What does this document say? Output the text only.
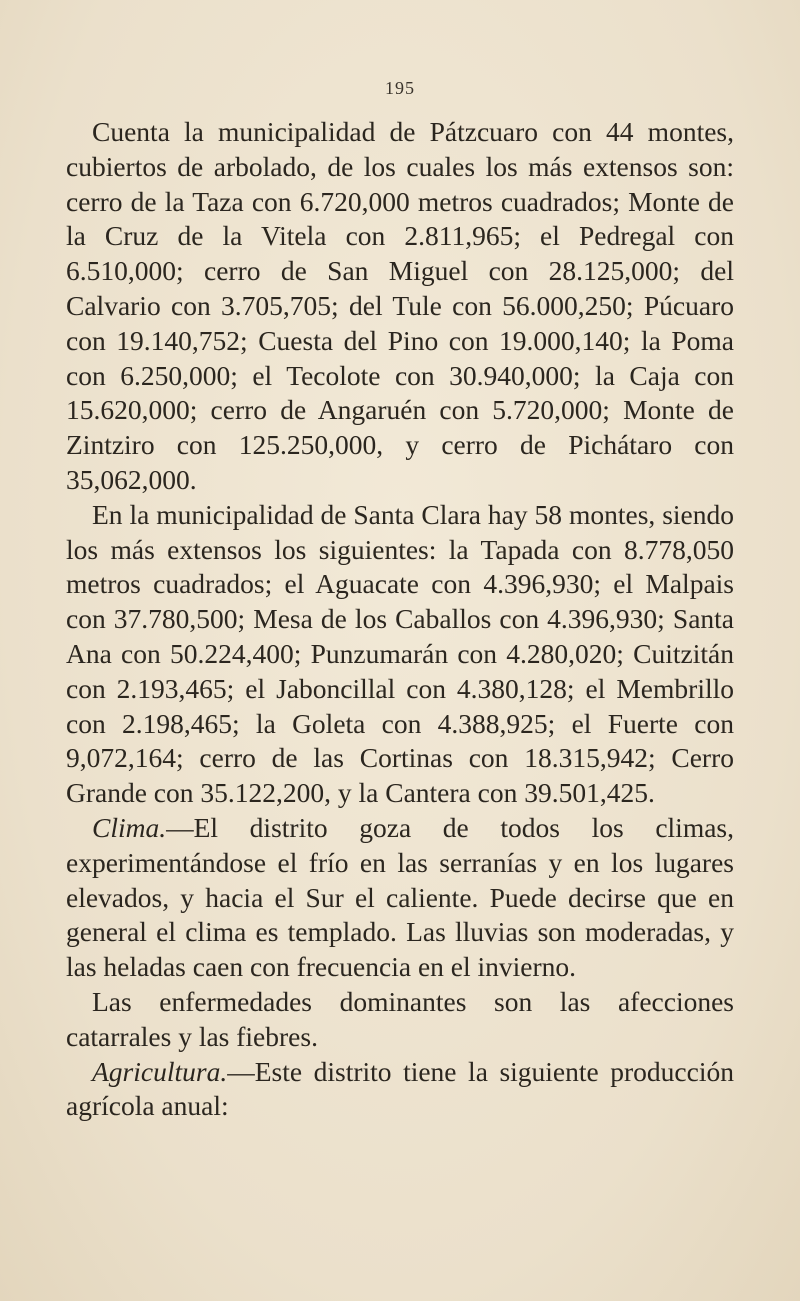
195

Cuenta la municipalidad de Pátzcuaro con 44 montes, cubiertos de arbolado, de los cuales los más extensos son: cerro de la Taza con 6.720,000 metros cuadrados; Monte de la Cruz de la Vitela con 2.811,965; el Pedregal con 6.510,000; cerro de San Miguel con 28.125,000; del Calvario con 3.705,705; del Tule con 56.000,250; Púcuaro con 19.140,752; Cuesta del Pino con 19.000,140; la Poma con 6.250,000; el Tecolote con 30.940,000; la Caja con 15.620,000; cerro de Angaruén con 5.720,000; Monte de Zintziro con 125.250,000, y cerro de Pichátaro con 35,062,000.

En la municipalidad de Santa Clara hay 58 montes, siendo los más extensos los siguientes: la Tapada con 8.778,050 metros cuadrados; el Aguacate con 4.396,930; el Malpais con 37.780,500; Mesa de los Caballos con 4.396,930; Santa Ana con 50.224,400; Punzumarán con 4.280,020; Cuitzitán con 2.193,465; el Jaboncillal con 4.380,128; el Membrillo con 2.198,465; la Goleta con 4.388,925; el Fuerte con 9,072,164; cerro de las Cortinas con 18.315,942; Cerro Grande con 35.122,200, y la Cantera con 39.501,425.

Clima.—El distrito goza de todos los climas, experimentándose el frío en las serranías y en los lugares elevados, y hacia el Sur el caliente. Puede decirse que en general el clima es templado. Las lluvias son moderadas, y las heladas caen con frecuencia en el invierno.

Las enfermedades dominantes son las afecciones catarrales y las fiebres.

Agricultura.—Este distrito tiene la siguiente producción agrícola anual:
